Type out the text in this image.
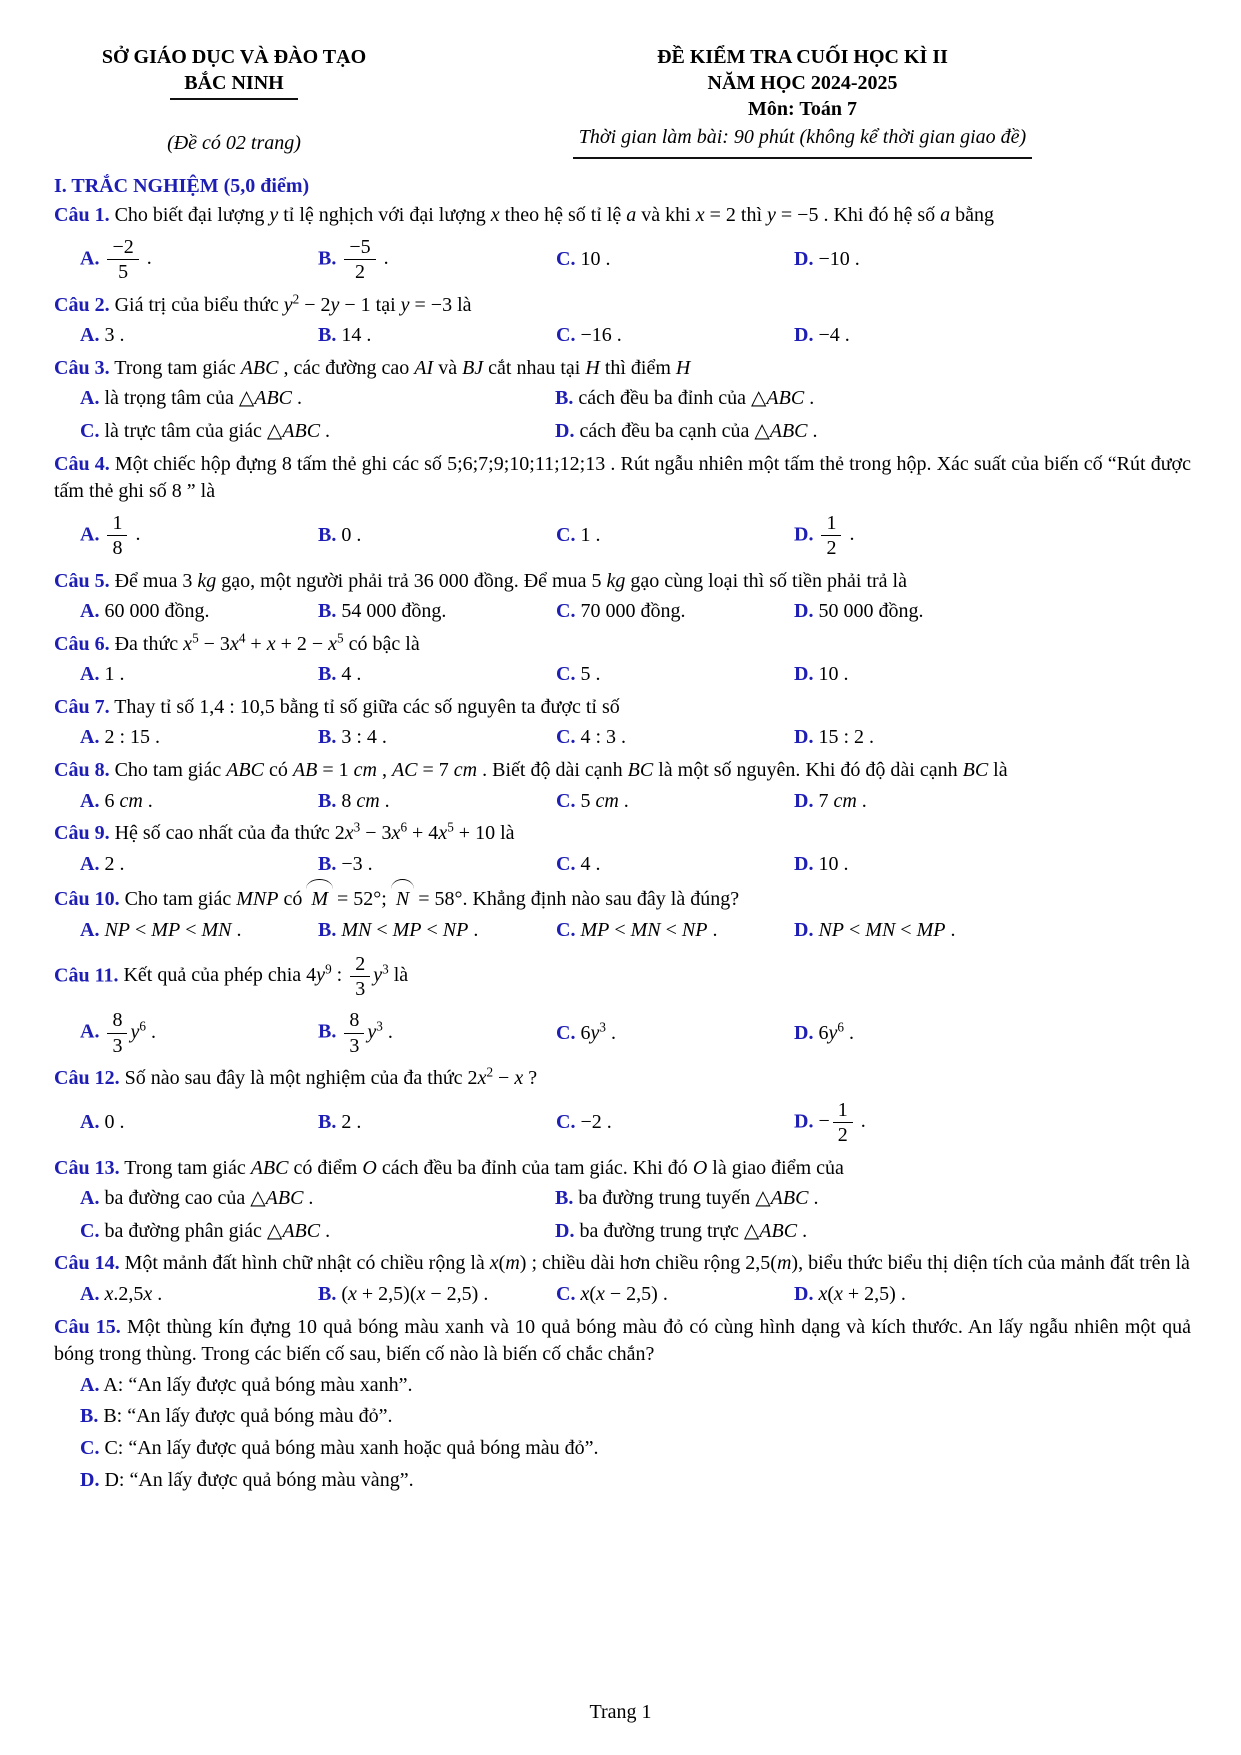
SỞ GIÁO DỤC VÀ ĐÀO TẠO
BẮC NINH
(Đề có 02 trang)
ĐỀ KIỂM TRA CUỐI HỌC KÌ II
NĂM HỌC 2024-2025
Môn: Toán 7
Thời gian làm bài: 90 phút (không kể thời gian giao đề)
I. TRẮC NGHIỆM (5,0 điểm)
Câu 1. Cho biết đại lượng y tỉ lệ nghịch với đại lượng x theo hệ số tỉ lệ a và khi x = 2 thì y = −5 . Khi đó hệ số a bằng
A. $\frac{-2}{5}$ .	B. $\frac{-5}{2}$ .	C. 10 .	D. −10 .
Câu 2. Giá trị của biểu thức $y^2 - 2y - 1$ tại y = −3 là
A. 3 .	B. 14 .	C. −16 .	D. −4 .
Câu 3. Trong tam giác ABC , các đường cao AI và BJ cắt nhau tại H thì điểm H
A. là trọng tâm của △ABC .	B. cách đều ba đỉnh của △ABC .
C. là trực tâm của giác △ABC .	D. cách đều ba cạnh của △ABC .
Câu 4. Một chiếc hộp đựng 8 tấm thẻ ghi các số 5;6;7;9;10;11;12;13 . Rút ngẫu nhiên một tấm thẻ trong hộp. Xác suất của biến cố “Rút được tấm thẻ ghi số 8 ” là
A. $\frac{1}{8}$ .	B. 0 .	C. 1 .	D. $\frac{1}{2}$ .
Câu 5. Để mua 3 kg gạo, một người phải trả 36 000 đồng. Để mua 5 kg gạo cùng loại thì số tiền phải trả là
A. 60 000 đồng.	B. 54 000 đồng.	C. 70 000 đồng.	D. 50 000 đồng.
Câu 6. Đa thức $x^5 - 3x^4 + x + 2 - x^5$ có bậc là
A. 1 .	B. 4 .	C. 5 .	D. 10 .
Câu 7. Thay tỉ số 1,4 : 10,5 bằng tỉ số giữa các số nguyên ta được tỉ số
A. 2 : 15 .	B. 3 : 4 .	C. 4 : 3 .	D. 15 : 2 .
Câu 8. Cho tam giác ABC có AB = 1 cm , AC = 7 cm . Biết độ dài cạnh BC là một số nguyên. Khi đó độ dài cạnh BC là
A. 6 cm .	B. 8 cm .	C. 5 cm .	D. 7 cm .
Câu 9. Hệ số cao nhất của đa thức $2x^3 - 3x^6 + 4x^5 + 10$ là
A. 2 .	B. −3 .	C. 4 .	D. 10 .
Câu 10. Cho tam giác MNP có M = 52°; N = 58°. Khẳng định nào sau đây là đúng?
A. NP < MP < MN .	B. MN < MP < NP .	C. MP < MN < NP .	D. NP < MN < MP .
Câu 11. Kết quả của phép chia $4y^9$ : $\frac{2}{3} y^3$ là
A. $\frac{8}{3} y^6$ .	B. $\frac{8}{3} y^3$ .	C. $6y^3$ .	D. $6y^6$ .
Câu 12. Số nào sau đây là một nghiệm của đa thức $2x^2 - x$ ?
A. 0 .	B. 2 .	C. −2 .	D. − $\frac{1}{2}$ .
Câu 13. Trong tam giác ABC có điểm O cách đều ba đỉnh của tam giác. Khi đó O là giao điểm của
A. ba đường cao của △ABC .	B. ba đường trung tuyến △ABC .
C. ba đường phân giác △ABC .	D. ba đường trung trực △ABC .
Câu 14. Một mảnh đất hình chữ nhật có chiều rộng là x(m) ; chiều dài hơn chiều rộng 2,5(m), biểu thức biểu thị diện tích của mảnh đất trên là
A. x.2,5x .	B. (x + 2,5)(x − 2,5) .	C. x(x − 2,5) .	D. x(x + 2,5) .
Câu 15. Một thùng kín đựng 10 quả bóng màu xanh và 10 quả bóng màu đỏ có cùng hình dạng và kích thước. An lấy ngẫu nhiên một quả bóng trong thùng. Trong các biến cố sau, biến cố nào là biến cố chắc chắn?
A. A: “An lấy được quả bóng màu xanh”.
B. B: “An lấy được quả bóng màu đỏ”.
C. C: “An lấy được quả bóng màu xanh hoặc quả bóng màu đỏ”.
D. D: “An lấy được quả bóng màu vàng”.
Trang 1
